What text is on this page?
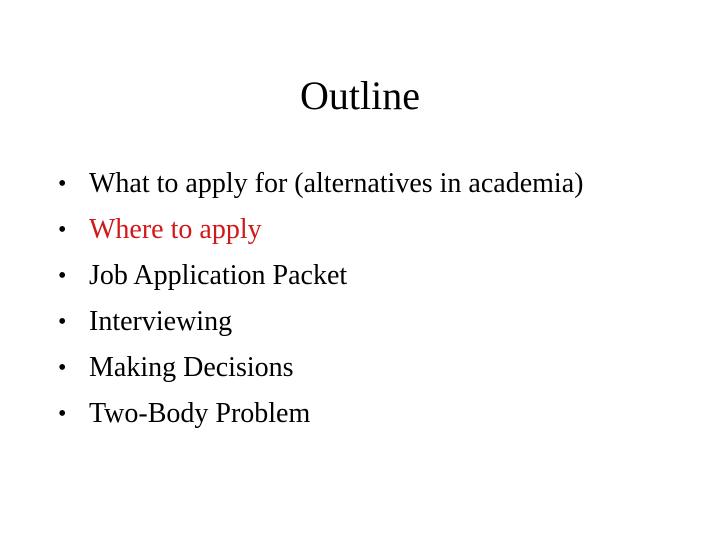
Outline
• What to apply for (alternatives in academia)
• Where to apply
• Job Application Packet
• Interviewing
• Making Decisions
• Two-Body Problem
